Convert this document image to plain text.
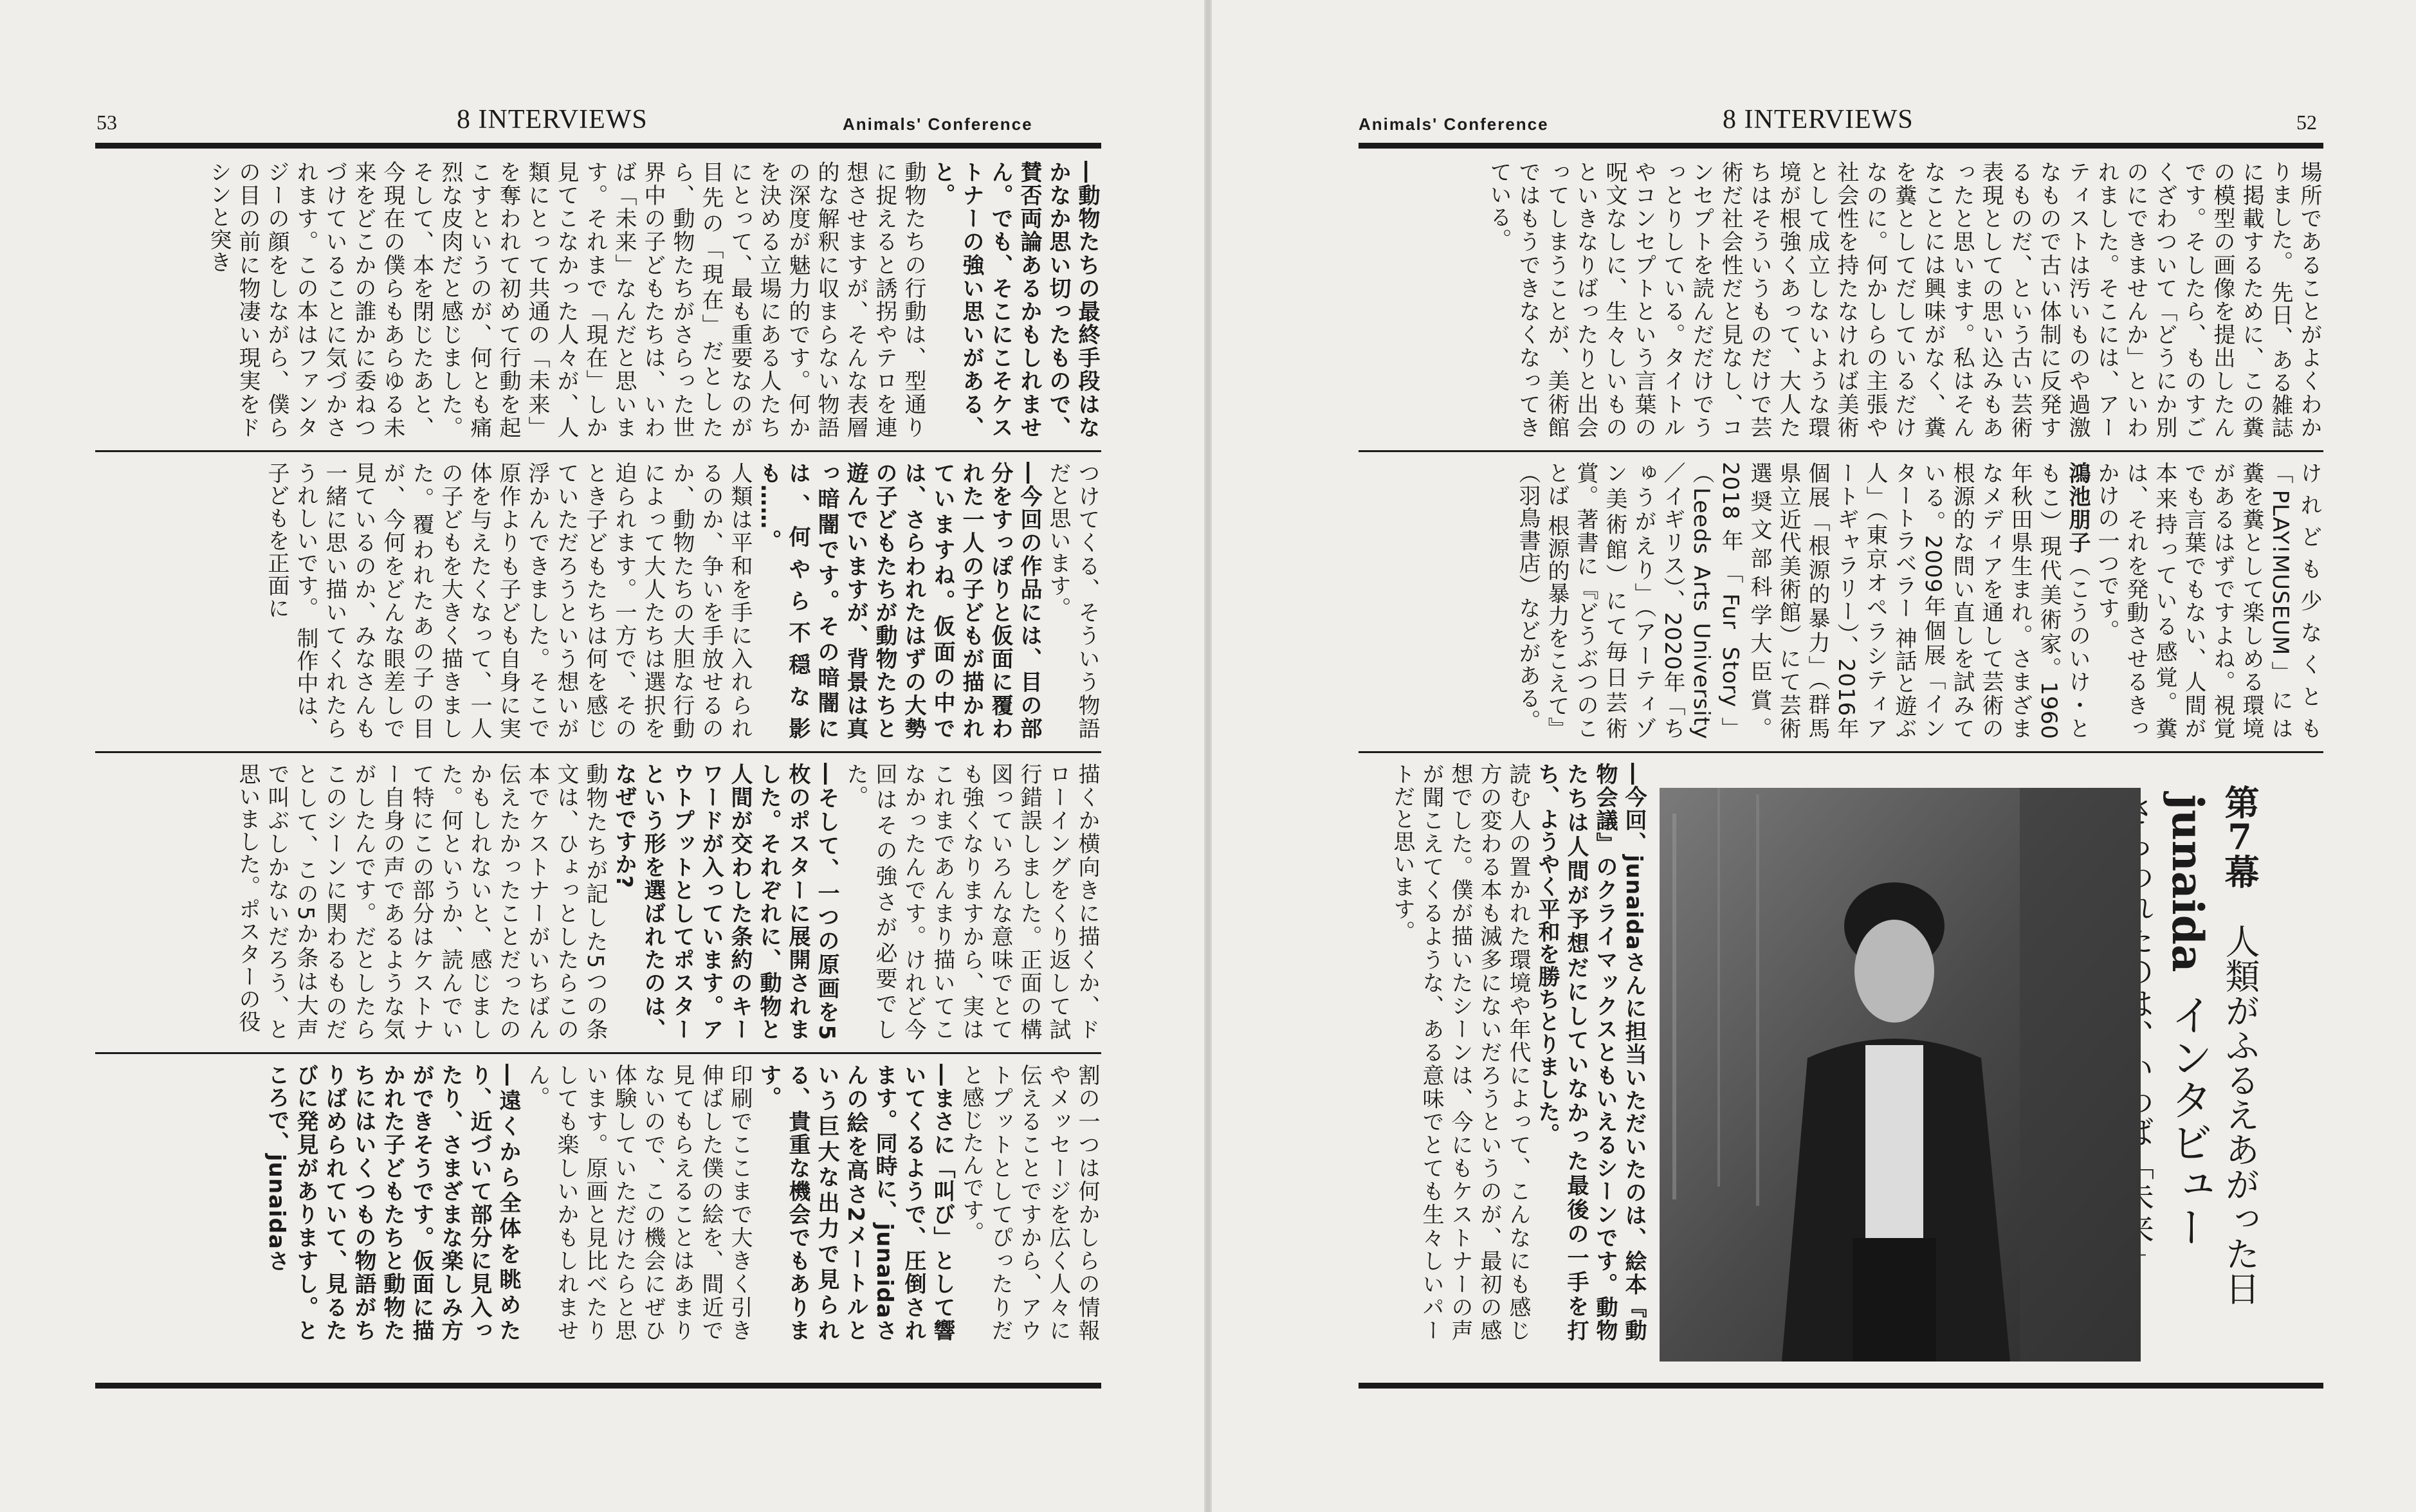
53	8 INTERVIEWS	Animals' Conference

―動物たちの最終手段はなかなか思い切ったもので、賛否両論あるかもしれません。でも、そこにこそケストナーの強い思いがある、と。

動物たちの行動は、型通りに捉えると誘拐やテロを連想させますが、そんな表層的な解釈に収まらない物語の深度が魅力的です。何かを決める立場にある人たちにとって、最も重要なのが目先の「現在」だとしたら、動物たちがさらった世界中の子どもたちは、いわば「未来」なんだと思います。それまで「現在」しか見てこなかった人々が、人類にとって共通の「未来」を奪われて初めて行動を起こすというのが、何とも痛烈な皮肉だと感じました。 そして、本を閉じたあと、今現在の僕らもあらゆる未来をどこかの誰かに委ねつづけていることに気づかされます。この本はファンタジーの顔をしながら、僕らの目の前に物凄い現実をドシンと突き

つけてくる、そういう物語だと思います。

―今回の作品には、目の部分をすっぽりと仮面に覆われた一人の子どもが描かれていますね。仮面の中では、さらわれたはずの大勢の子どもたちが動物たちと遊んでいますが、背景は真っ暗闇です。その暗闇には、何やら不穏な影も……。

人類は平和を手に入れられるのか、争いを手放せるのか、動物たちの大胆な行動によって大人たちは選択を迫られます。一方で、そのとき子どもたちは何を感じていただろうという想いが浮かんできました。そこで原作よりも子ども自身に実体を与えたくなって、一人の子どもを大きく描きました。覆われたあの子の目が、今何をどんな眼差しで見ているのか、みなさんも一緒に思い描いてくれたらうれしいです。 制作中は、子どもを正面に

描くか横向きに描くか、ドローイングをくり返して試行錯誤しました。正面の構図っていろんな意味でとても強くなりますから、実はこれまであんまり描いてこなかったんです。けれど今回はその強さが必要でした。

―そして、一つの原画を5枚のポスターに展開されました。それぞれに、動物と人間が交わした条約のキーワードが入っています。アウトプットとしてポスターという形を選ばれたのは、なぜですか?

動物たちが記した5つの条文は、ひょっとしたらこの本でケストナーがいちばん伝えたかったことだったのかもしれないと、感じました。何というか、読んでいて特にこの部分はケストナー自身の声であるような気がしたんです。だとしたらこのシーンに関わるものだとして、この5か条は大声で叫ぶしかないだろう、と思いました。ポスターの役

割の一つは何かしらの情報やメッセージを広く人々に伝えることですから、アウトプットとしてぴったりだと感じたんです。

―まさに「叫び」として響いてくるようで、圧倒されます。同時に、junaidaさんの絵を高さ2メートルという巨大な出力で見られる、貴重な機会でもあります。

印刷でここまで大きく引き伸ばした僕の絵を、間近で見てもらえることはあまりないので、この機会にぜひ体験していただけたらと思います。原画と見比べたりしても楽しいかもしれません。

―遠くから全体を眺めたり、近づいて部分に見入ったり、さまざまな楽しみ方ができそうです。仮面に描かれた子どもたちと動物たちにはいくつもの物語がちりばめられていて、見るたびに発見がありますし。ところで、junaidaさ

Animals' Conference	8 INTERVIEWS	52

場所であることがよくわかりました。 先日、ある雑誌に掲載するために、この糞の模型の画像を提出したんです。そしたら、ものすごくざわついて「どうにか別のにできませんか」といわれました。そこには、アーティストは汚いものや過激なもので古い体制に反発するものだ、という古い芸術表現としての思い込みもあったと思います。私はそんなことには興味がなく、糞を糞としてだしているだけなのに。何かしらの主張や社会性を持たなければ美術として成立しないような環境が根強くあって、大人たちはそういうものだけで芸術だ社会性だと見なし、コンセプトを読んだだけでうっとりしている。タイトルやコンセプトという言葉の呪文なしに、生々しいものといきなりばったりと出会ってしまうことが、美術館ではもうできなくなってきている。

けれども少なくとも「PLAY!MUSEUM」には糞を糞として楽しめる環境があるはずですよね。視覚でも言葉でもない、人間が本来持っている感覚。糞は、それを発動させるきっかけの一つです。

鴻池朋子（こうのいけ・ともこ）現代美術家。1960年秋田県生まれ。さまざまなメディアを通して芸術の根源的な問い直しを試みている。2009年個展「インタートラベラー 神話と遊ぶ人」（東京オペラシティアートギャラリー）、2016年個展「根源的暴力」（群馬県立近代美術館）にて芸術選奨文部科学大臣賞。2018年「Fur Story」（Leeds Arts University／イギリス）、2020年「ちゅうがえり」（アーティゾン美術館）にて毎日芸術賞。著書に『どうぶつのことば 根源的暴力をこえて』（羽鳥書店）などがある。

第7幕　人類がふるえあがった日
junaida インタビュー

―今回、junaidaさんに担当いただいたのは、絵本『動物会議』のクライマックスともいえるシーンです。動物たちは人間が予想だにしていなかった最後の一手を打ち、ようやく平和を勝ちとりました。

読む人の置かれた環境や年代によって、こんなにも感じ方の変わる本も滅多にないだろうというのが、最初の感想でした。僕が描いたシーンは、今にもケストナーの声が聞こえてくるような、ある意味でとても生々しいパートだと思います。
